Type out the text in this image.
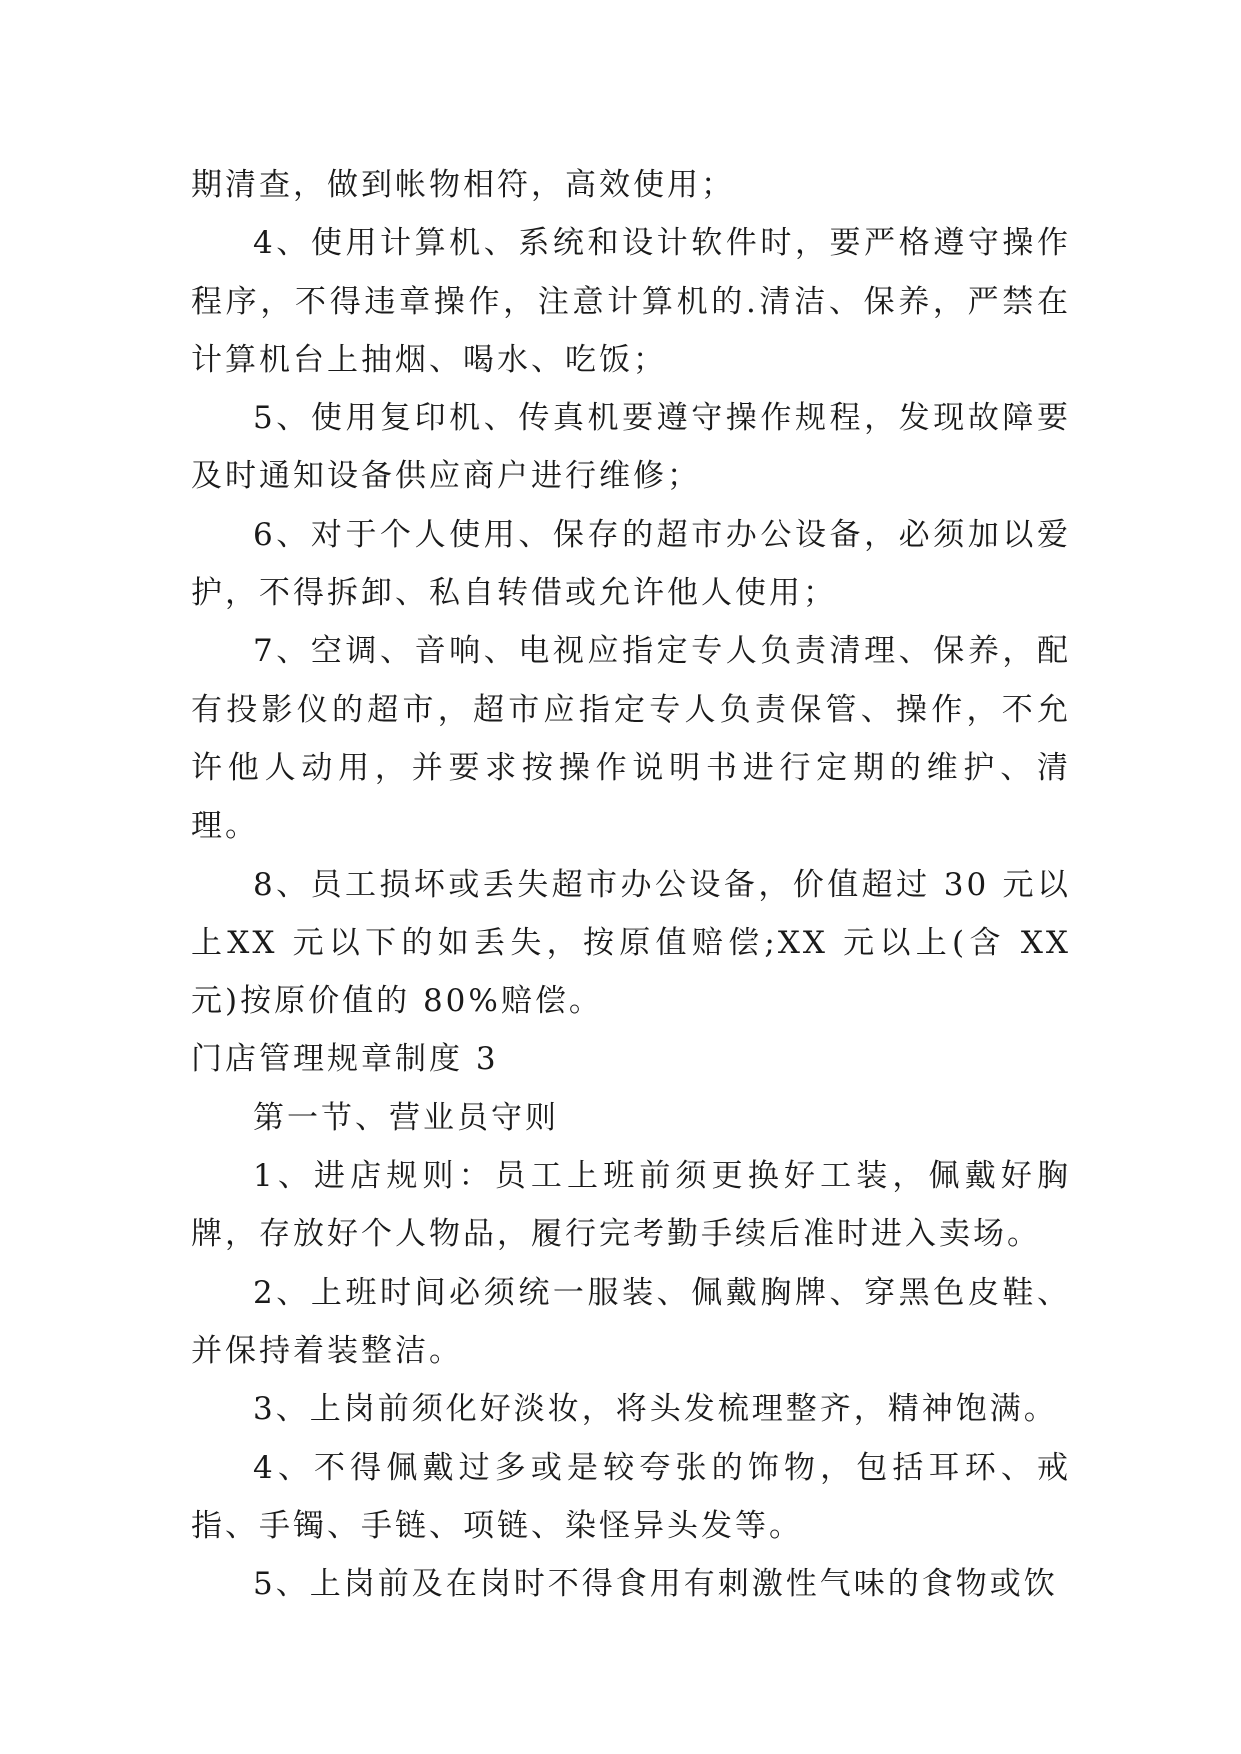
期清查，做到帐物相符，高效使用；

4、使用计算机、系统和设计软件时，要严格遵守操作程序，不得违章操作，注意计算机的.清洁、保养，严禁在计算机台上抽烟、喝水、吃饭；

5、使用复印机、传真机要遵守操作规程，发现故障要及时通知设备供应商户进行维修；

6、对于个人使用、保存的超市办公设备，必须加以爱护，不得拆卸、私自转借或允许他人使用；

7、空调、音响、电视应指定专人负责清理、保养，配有投影仪的超市，超市应指定专人负责保管、操作，不允许他人动用，并要求按操作说明书进行定期的维护、清理。

8、员工损坏或丢失超市办公设备，价值超过 30 元以上XX 元以下的如丢失，按原值赔偿;XX 元以上(含 XX 元)按原价值的 80%赔偿。

门店管理规章制度 3

第一节、营业员守则

1、进店规则：员工上班前须更换好工装，佩戴好胸牌，存放好个人物品，履行完考勤手续后准时进入卖场。

2、上班时间必须统一服装、佩戴胸牌、穿黑色皮鞋、并保持着装整洁。

3、上岗前须化好淡妆，将头发梳理整齐，精神饱满。

4、不得佩戴过多或是较夸张的饰物，包括耳环、戒指、手镯、手链、项链、染怪异头发等。

5、上岗前及在岗时不得食用有刺激性气味的食物或饮
